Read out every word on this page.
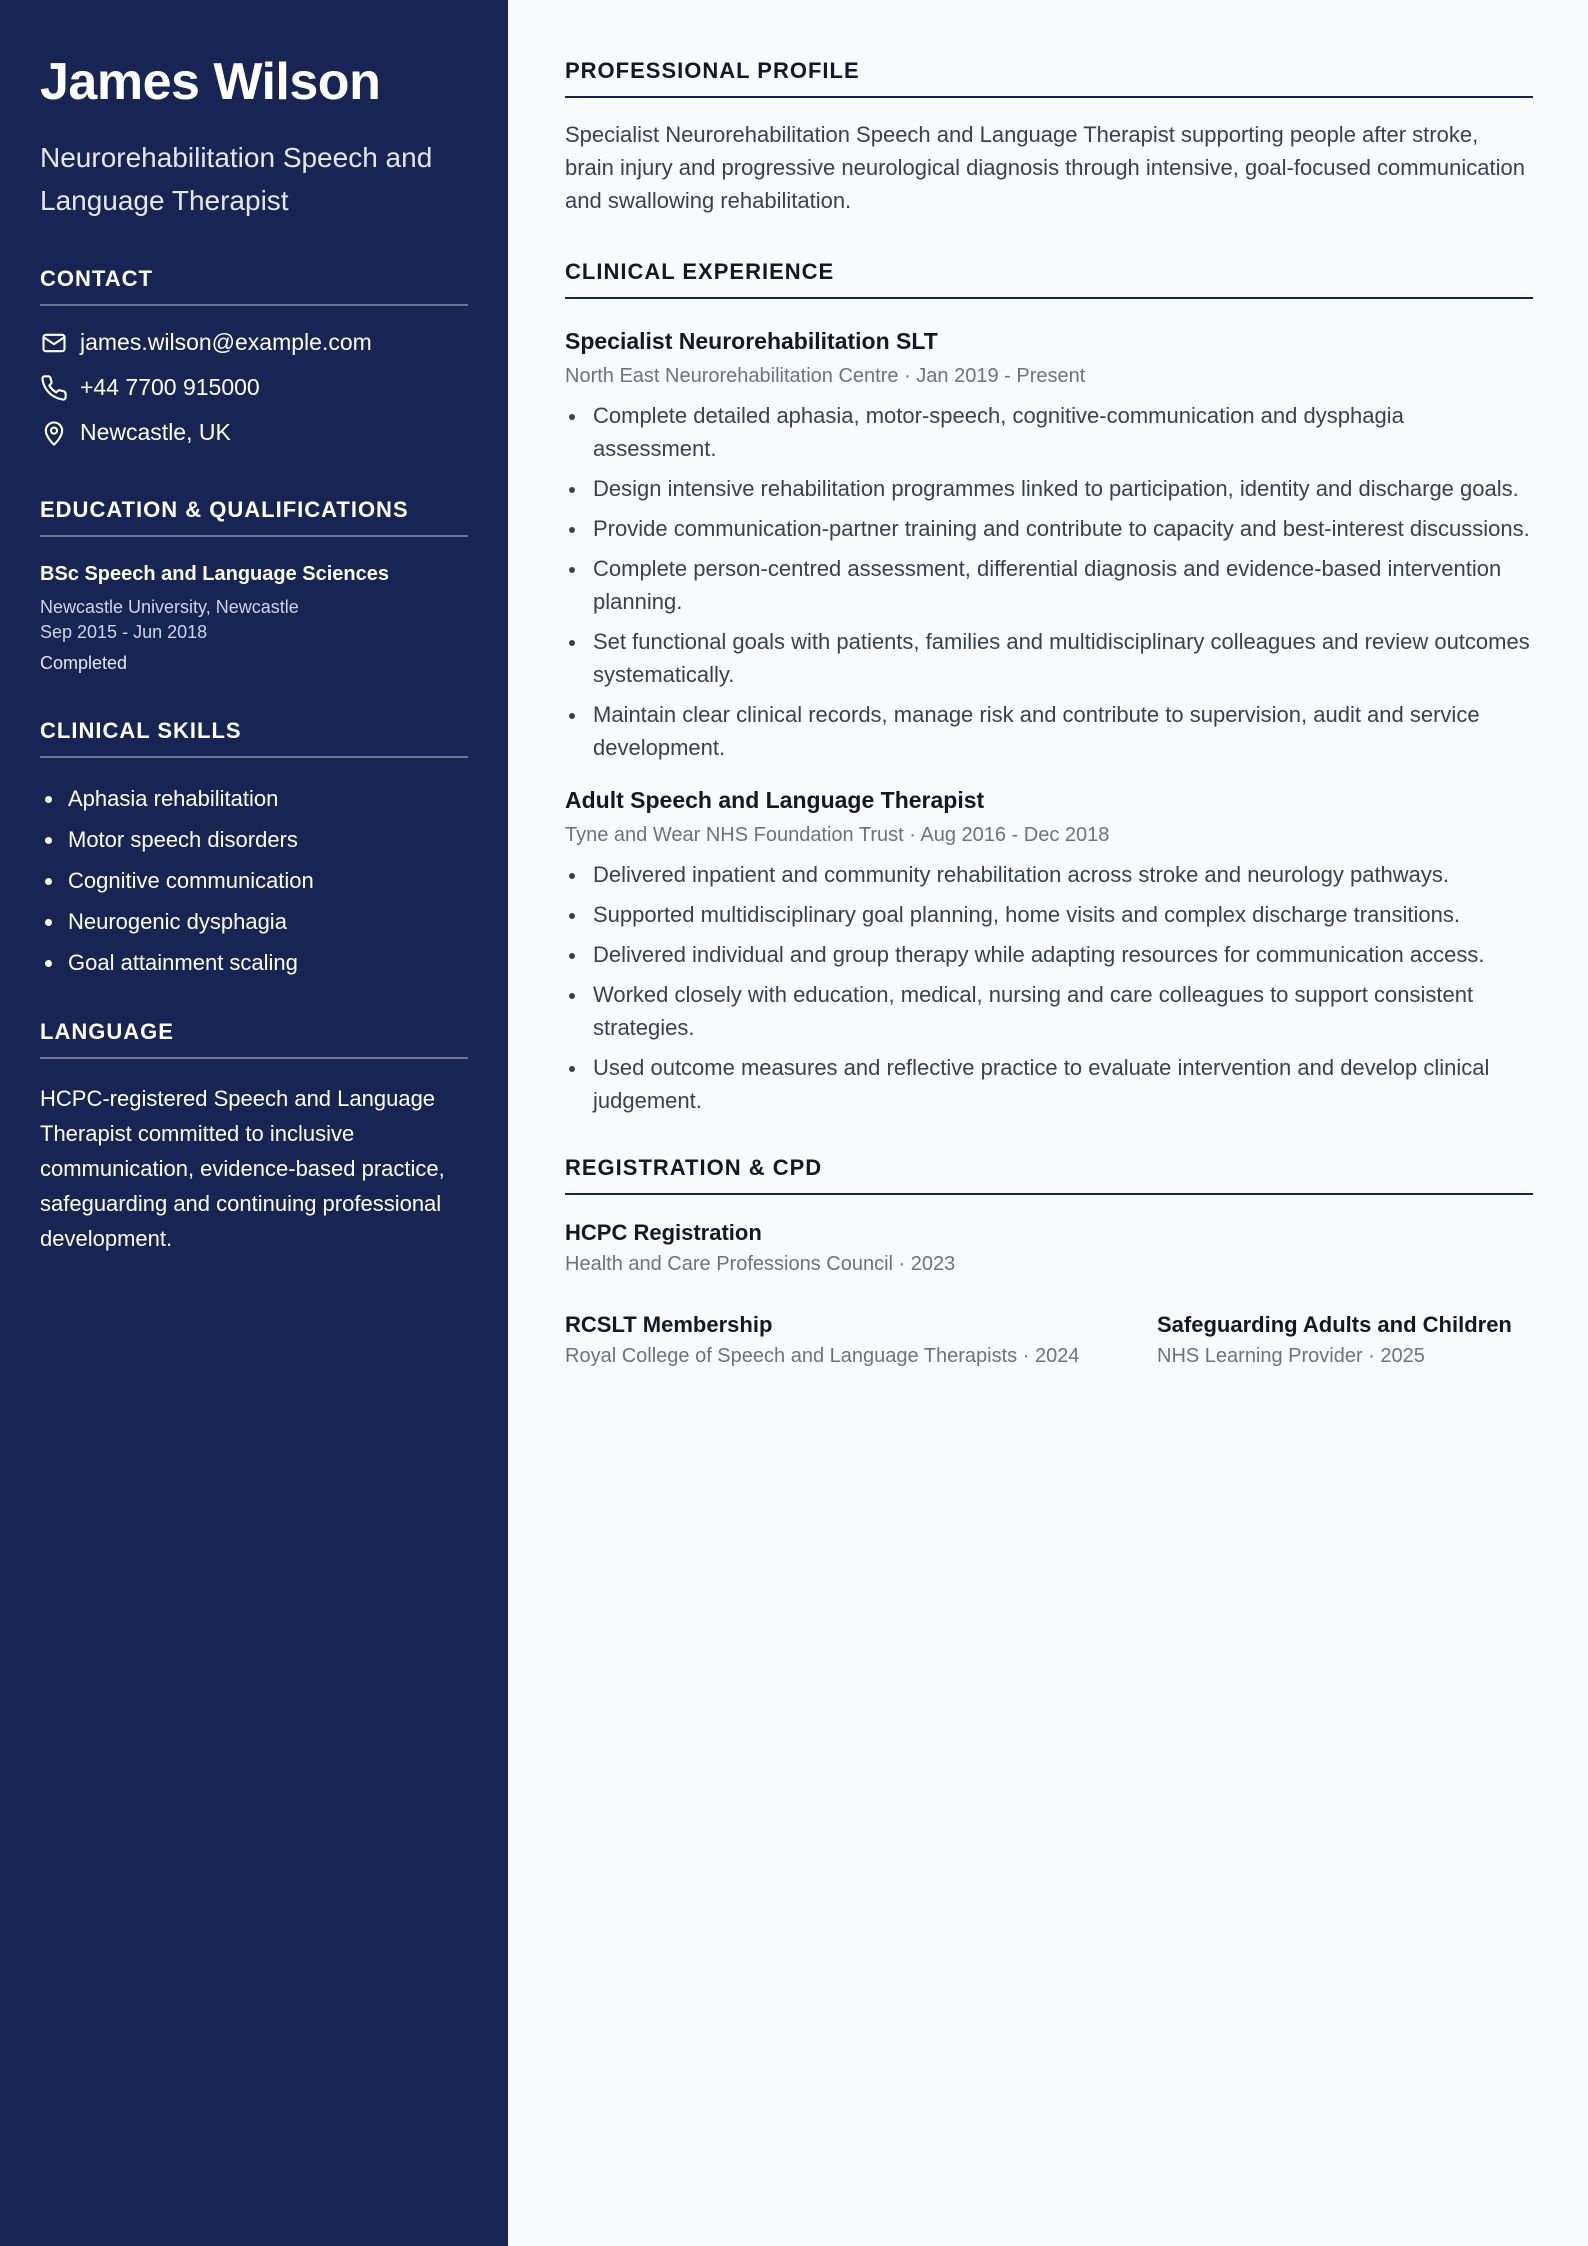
James Wilson
Neurorehabilitation Speech and Language Therapist
CONTACT
james.wilson@example.com
+44 7700 915000
Newcastle, UK
EDUCATION & QUALIFICATIONS
BSc Speech and Language Sciences
Newcastle University, Newcastle
Sep 2015 - Jun 2018
Completed
CLINICAL SKILLS
Aphasia rehabilitation
Motor speech disorders
Cognitive communication
Neurogenic dysphagia
Goal attainment scaling
LANGUAGE

HCPC-registered Speech and Language Therapist committed to inclusive communication, evidence-based practice, safeguarding and continuing professional development.

PROFESSIONAL PROFILE

Specialist Neurorehabilitation Speech and Language Therapist supporting people after stroke, brain injury and progressive neurological diagnosis through intensive, goal-focused communication and swallowing rehabilitation.

CLINICAL EXPERIENCE
Specialist Neurorehabilitation SLT
North East Neurorehabilitation Centre · Jan 2019 - Present
Complete detailed aphasia, motor-speech, cognitive-communication and dysphagia assessment.
Design intensive rehabilitation programmes linked to participation, identity and discharge goals.
Provide communication-partner training and contribute to capacity and best-interest discussions.
Complete person-centred assessment, differential diagnosis and evidence-based intervention planning.
Set functional goals with patients, families and multidisciplinary colleagues and review outcomes systematically.
Maintain clear clinical records, manage risk and contribute to supervision, audit and service development.
Adult Speech and Language Therapist
Tyne and Wear NHS Foundation Trust · Aug 2016 - Dec 2018
Delivered inpatient and community rehabilitation across stroke and neurology pathways.
Supported multidisciplinary goal planning, home visits and complex discharge transitions.
Delivered individual and group therapy while adapting resources for communication access.
Worked closely with education, medical, nursing and care colleagues to support consistent strategies.
Used outcome measures and reflective practice to evaluate intervention and develop clinical judgement.
REGISTRATION & CPD
HCPC Registration
Health and Care Professions Council · 2023
RCSLT Membership
Royal College of Speech and Language Therapists · 2024
Safeguarding Adults and Children
NHS Learning Provider · 2025
